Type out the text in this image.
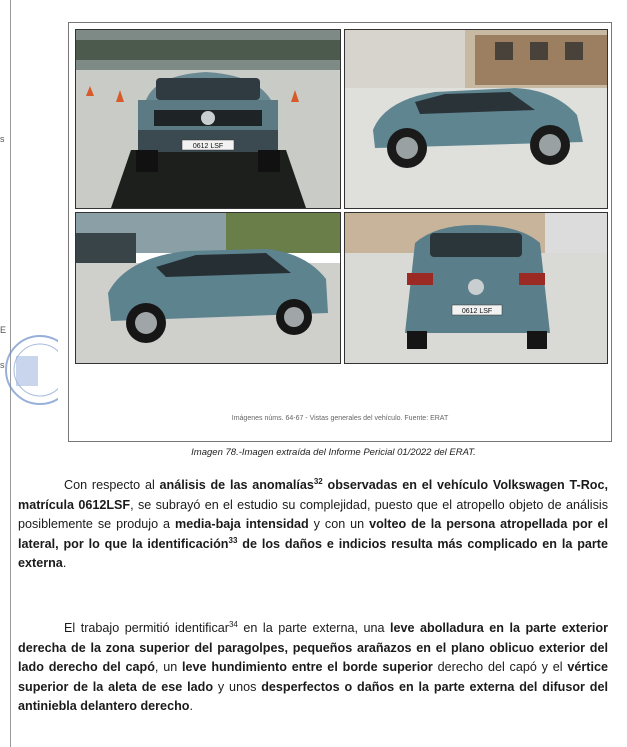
s
E
s
0612 LSF
0612 LSF
Imágenes núms. 64-67 - Vistas generales del vehículo. Fuente: ERAT
Imagen 78.-Imagen extraída del Informe Pericial 01/2022 del ERAT.

Con respecto al análisis de las anomalías$^{32}$ observadas en el vehículo Volkswagen T-Roc, matrícula 0612LSF, se subrayó en el estudio su complejidad, puesto que el atropello objeto de análisis posiblemente se produjo a media-baja intensidad y con un volteo de la persona atropellada por el lateral, por lo que la identificación$^{33}$ de los daños e indicios resulta más complicado en la parte externa.

El trabajo permitió identificar$^{34}$ en la parte externa, una leve abolladura en la parte exterior derecha de la zona superior del paragolpes, pequeños arañazos en el plano oblicuo exterior del lado derecho del capó, un leve hundimiento entre el borde superior derecho del capó y el vértice superior de la aleta de ese lado y unos desperfectos o daños en la parte externa del difusor del antiniebla delantero derecho.
